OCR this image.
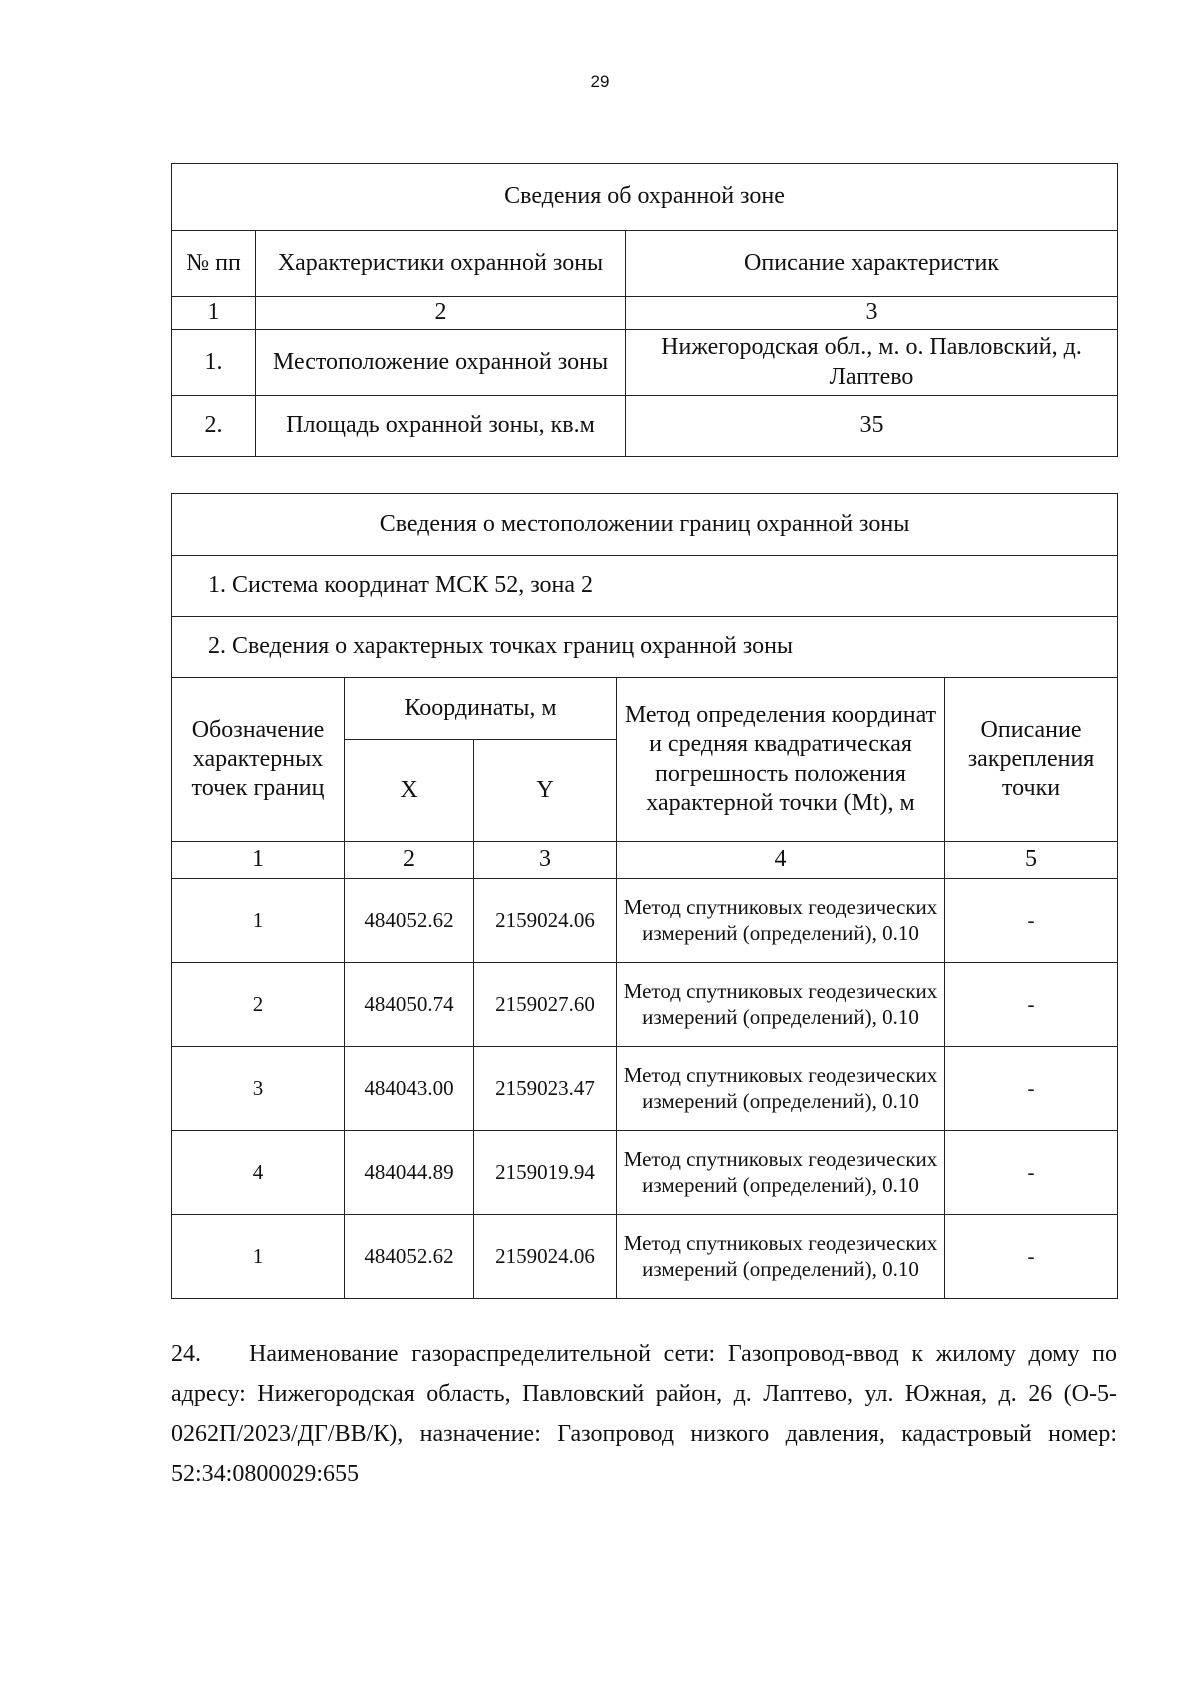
29
Сведения об охранной зоне		
№ пп	Характеристики охранной зоны	Описание характеристик
1	2	3
1.	Местоположение охранной зоны	Нижегородская обл., м. о. Павловский, д. Лаптево
2.	Площадь охранной зоны, кв.м	35
Сведения о местоположении границ охранной зоны				
1. Система координат МСК 52, зона 2				
2. Сведения о характерных точках границ охранной зоны				
Обозначение характерных точек границ	Координаты, м		Метод определения координат и средняя квадратическая погрешность положения характерной точки (Mt), м	Описание закрепления точки
	X	Y		
1	2	3	4	5
1	484052.62	2159024.06	Метод спутниковых геодезических измерений (определений), 0.10	-
2	484050.74	2159027.60	Метод спутниковых геодезических измерений (определений), 0.10	-
3	484043.00	2159023.47	Метод спутниковых геодезических измерений (определений), 0.10	-
4	484044.89	2159019.94	Метод спутниковых геодезических измерений (определений), 0.10	-
1	484052.62	2159024.06	Метод спутниковых геодезических измерений (определений), 0.10	-
24. Наименование газораспределительной сети: Газопровод-ввод к жилому дому по адресу: Нижегородская область, Павловский район, д. Лаптево, ул. Южная, д. 26 (О-5-0262П/2023/ДГ/ВВ/К), назначение: Газопровод низкого давления, кадастровый номер: 52:34:0800029:655
